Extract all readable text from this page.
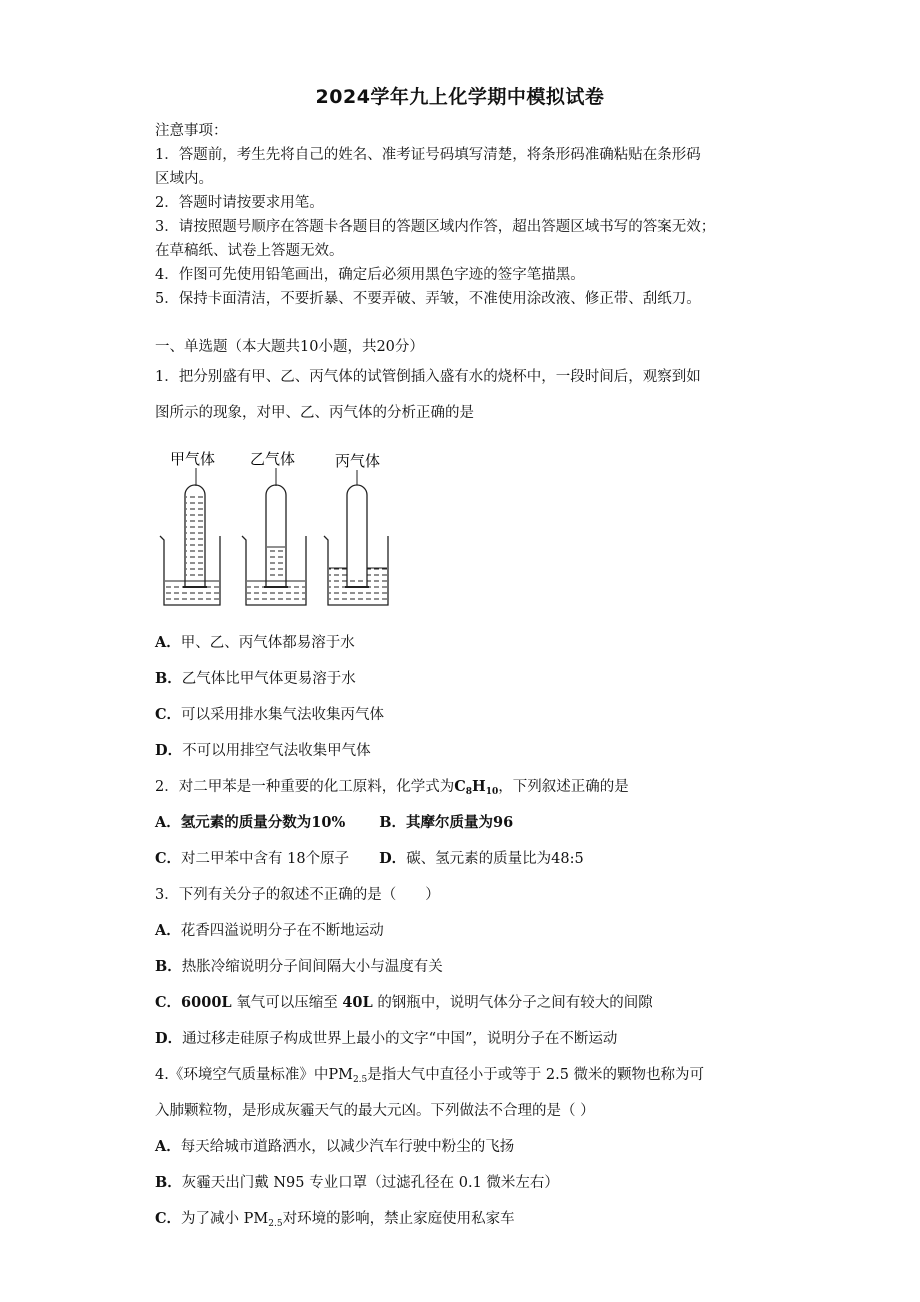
2024学年九上化学期中模拟试卷
注意事项：
1．答题前，考生先将自己的姓名、准考证号码填写清楚，将条形码准确粘贴在条形码
区域内。
2．答题时请按要求用笔。
3．请按照题号顺序在答题卡各题目的答题区域内作答，超出答题区域书写的答案无效；
在草稿纸、试卷上答题无效。
4．作图可先使用铅笔画出，确定后必须用黑色字迹的签字笔描黑。
5．保持卡面清洁，不要折暴、不要弄破、弄皱，不准使用涂改液、修正带、刮纸刀。
一、单选题（本大题共10小题，共20分）
1．把分别盛有甲、乙、丙气体的试管倒插入盛有水的烧杯中，一段时间后，观察到如
图所示的现象，对甲、乙、丙气体的分析正确的是
甲气体 乙气体	丙气体
A．甲、乙、丙气体都易溶于水
B．乙气体比甲气体更易溶于水
C．可以采用排水集气法收集丙气体
D．不可以用排空气法收集甲气体
2．对二甲苯是一种重要的化工原料，化学式为$C_8H_{10}$，下列叙述正确的是
A．氢元素的质量分数为10% B．其摩尔质量为96
C．对二甲苯中含有 18个原子 D．碳、氢元素的质量比为48:5
3．下列有关分子的叙述不正确的是（　　）
A．花香四溢说明分子在不断地运动
B．热胀冷缩说明分子间间隔大小与温度有关
C．6000L 氧气可以压缩至 40L 的钢瓶中，说明气体分子之间有较大的间隙
D．通过移走硅原子构成世界上最小的文字“中国”，说明分子在不断运动
4.《环境空气质量标准》中$PM_{2.5}$是指大气中直径小于或等于 2.5 微米的颗物也称为可
入肺颗粒物，是形成灰霾天气的最大元凶。下列做法不合理的是（ ）
A．每天给城市道路洒水，以减少汽车行驶中粉尘的飞扬
B．灰霾天出门戴 N95 专业口罩（过滤孔径在 0.1 微米左右）
C．为了减小 $PM_{2.5}$对环境的影响，禁止家庭使用私家车
